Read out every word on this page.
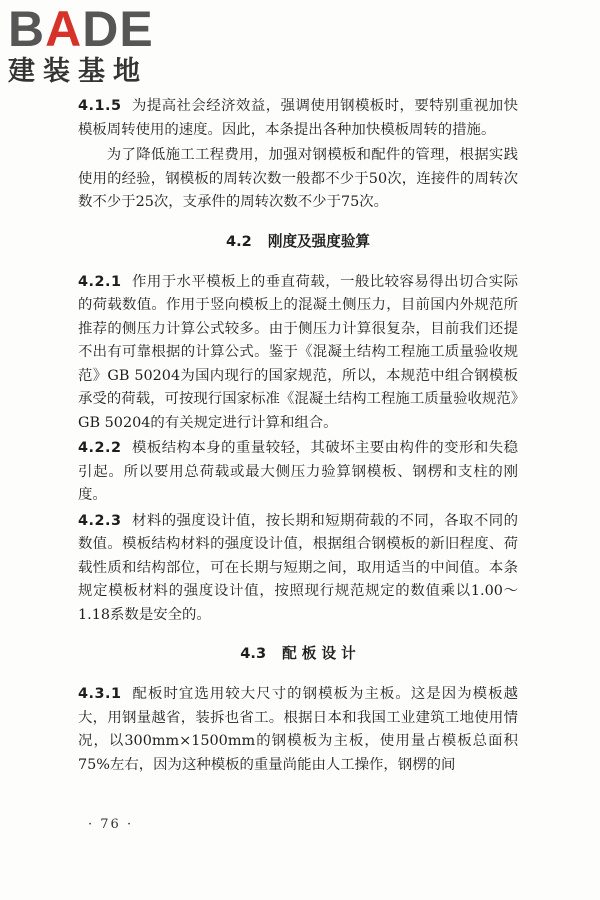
BADE
建装基地

4.1.5 为提高社会经济效益，强调使用钢模板时，要特别重视加快模板周转使用的速度。因此，本条提出各种加快模板周转的措施。

为了降低施工工程费用，加强对钢模板和配件的管理，根据实践使用的经验，钢模板的周转次数一般都不少于50次，连接件的周转次数不少于25次，支承件的周转次数不少于75次。

4.2 刚度及强度验算

4.2.1 作用于水平模板上的垂直荷载，一般比较容易得出切合实际的荷载数值。作用于竖向模板上的混凝土侧压力，目前国内外规范所推荐的侧压力计算公式较多。由于侧压力计算很复杂，目前我们还提不出有可靠根据的计算公式。鉴于《混凝土结构工程施工质量验收规范》GB 50204为国内现行的国家规范，所以，本规范中组合钢模板承受的荷载，可按现行国家标准《混凝土结构工程施工质量验收规范》GB 50204的有关规定进行计算和组合。

4.2.2 模板结构本身的重量较轻，其破坏主要由构件的变形和失稳引起。所以要用总荷载或最大侧压力验算钢模板、钢楞和支柱的刚度。

4.2.3 材料的强度设计值，按长期和短期荷载的不同，各取不同的数值。模板结构材料的强度设计值，根据组合钢模板的新旧程度、荷载性质和结构部位，可在长期与短期之间，取用适当的中间值。本条规定模板材料的强度设计值，按照现行规范规定的数值乘以1.00～1.18系数是安全的。

4.3 配 板 设 计

4.3.1 配板时宜选用较大尺寸的钢模板为主板。这是因为模板越大，用钢量越省，装拆也省工。根据日本和我国工业建筑工地使用情况，以300mm×1500mm的钢模板为主板，使用量占模板总面积75%左右，因为这种模板的重量尚能由人工操作，钢楞的间

· 76 ·
